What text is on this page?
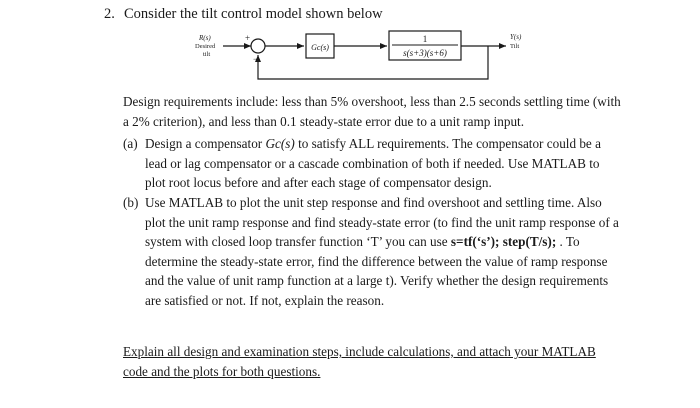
2. Consider the tilt control model shown below
R(s)
Desired
tilt
+
−
Gc(s)
1
s(s+3)(s+6)
Y(s)
Tilt
Design requirements include: less than 5% overshoot, less than 2.5 seconds settling time (with a 2% criterion), and less than 0.1 steady-state error due to a unit ramp input.
(a) Design a compensator Gc(s) to satisfy ALL requirements. The compensator could be a lead or lag compensator or a cascade combination of both if needed. Use MATLAB to plot root locus before and after each stage of compensator design.
(b) Use MATLAB to plot the unit step response and find overshoot and settling time. Also plot the unit ramp response and find steady-state error (to find the unit ramp response of a system with closed loop transfer function ‘T’ you can use s=tf(‘s’); step(T/s); . To determine the steady-state error, find the difference between the value of ramp response and the value of unit ramp function at a large t). Verify whether the design requirements are satisfied or not. If not, explain the reason.
Explain all design and examination steps, include calculations, and attach your MATLAB code and the plots for both questions.
